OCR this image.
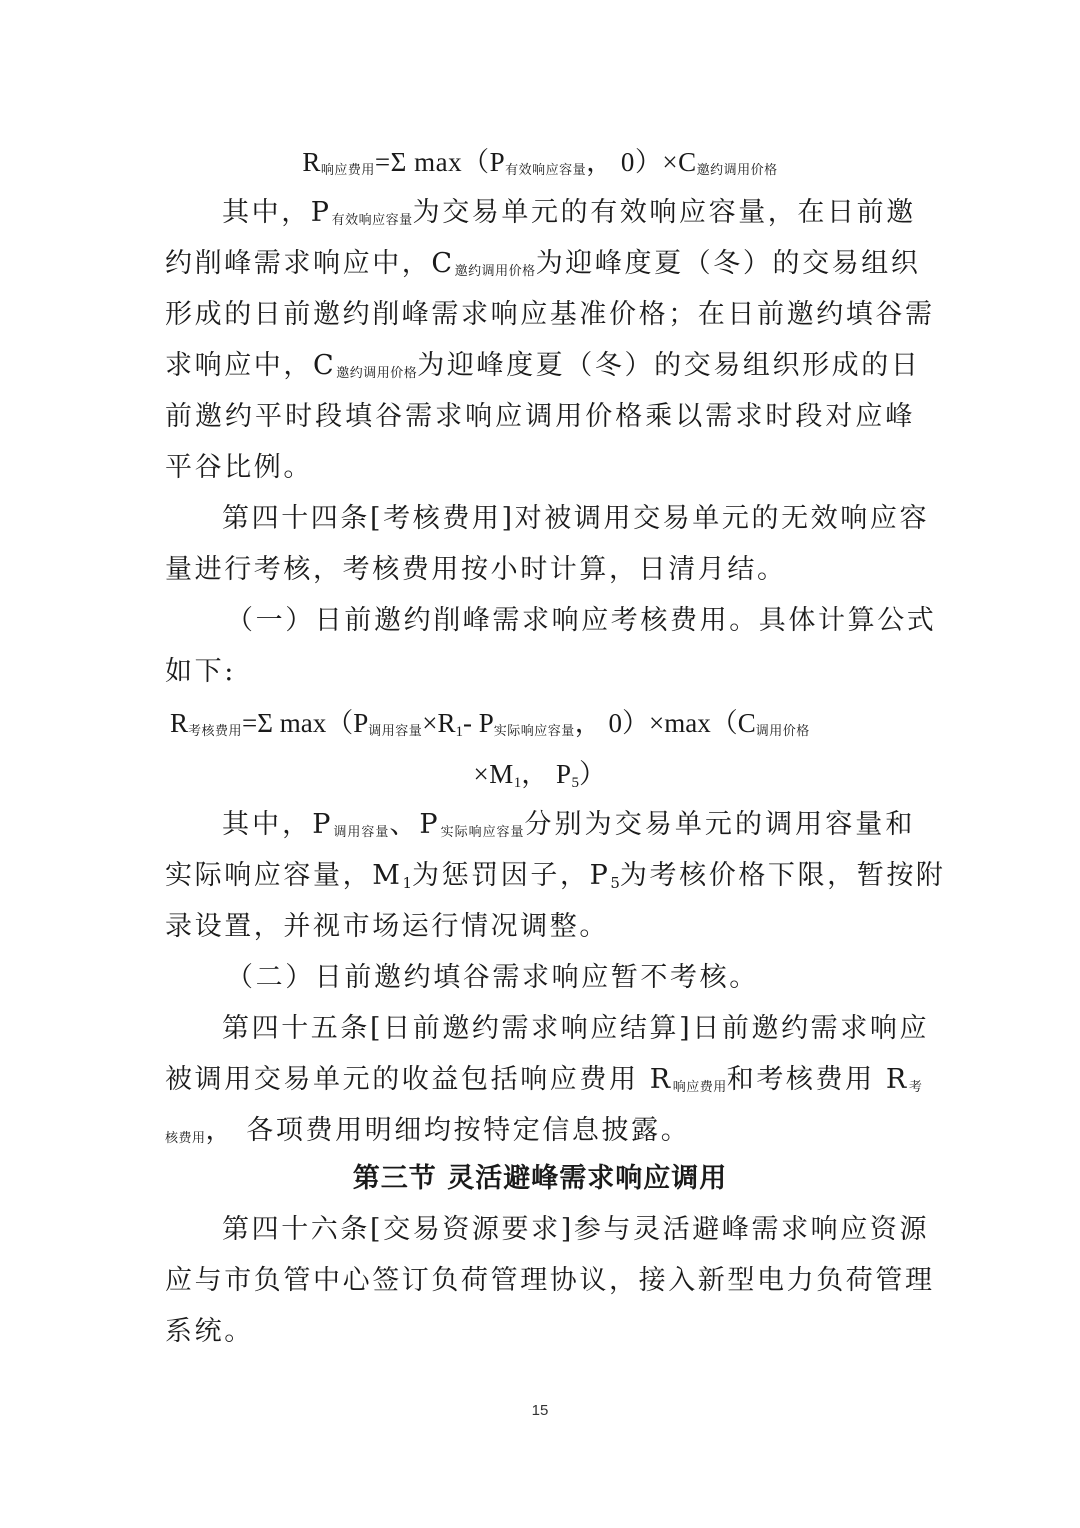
$R_{响应费用}=\Sigma$ $\max(P_{有效响应容量}$， $0)\times C_{邀约调用价格}$
其中，$P_{有效响应容量}$为交易单元的有效响应容量，在日前邀
约削峰需求响应中，$C_{邀约调用价格}$为迎峰度夏（冬）的交易组织
形成的日前邀约削峰需求响应基准价格；在日前邀约填谷需
求响应中，$C_{邀约调用价格}$为迎峰度夏（冬）的交易组织形成的日
前邀约平时段填谷需求响应调用价格乘以需求时段对应峰
平谷比例。
第四十四条[考核费用]对被调用交易单元的无效响应容
量进行考核，考核费用按小时计算，日清月结。
（一）日前邀约削峰需求响应考核费用。具体计算公式
如下:
$R_{考核费用}=\Sigma$ $\max(P_{调用容量}\times R1-$ $P_{实际响应容量}$， $0)\times\max(C_{调用价格}$
×M1， P5）
其中，$P_{调用容量}$、$P_{实际响应容量}$分别为交易单元的调用容量和
实际响应容量，M1为惩罚因子，P5为考核价格下限，暂按附
录设置，并视市场运行情况调整。
（二）日前邀约填谷需求响应暂不考核。
第四十五条[日前邀约需求响应结算]日前邀约需求响应
被调用交易单元的收益包括响应费用 $R_{响应费用}$和考核费用 $R_考$
$_{核费用}$， 各项费用明细均按特定信息披露。
第三节 灵活避峰需求响应调用
第四十六条[交易资源要求]参与灵活避峰需求响应资源
应与市负管中心签订负荷管理协议，接入新型电力负荷管理
系统。
15
